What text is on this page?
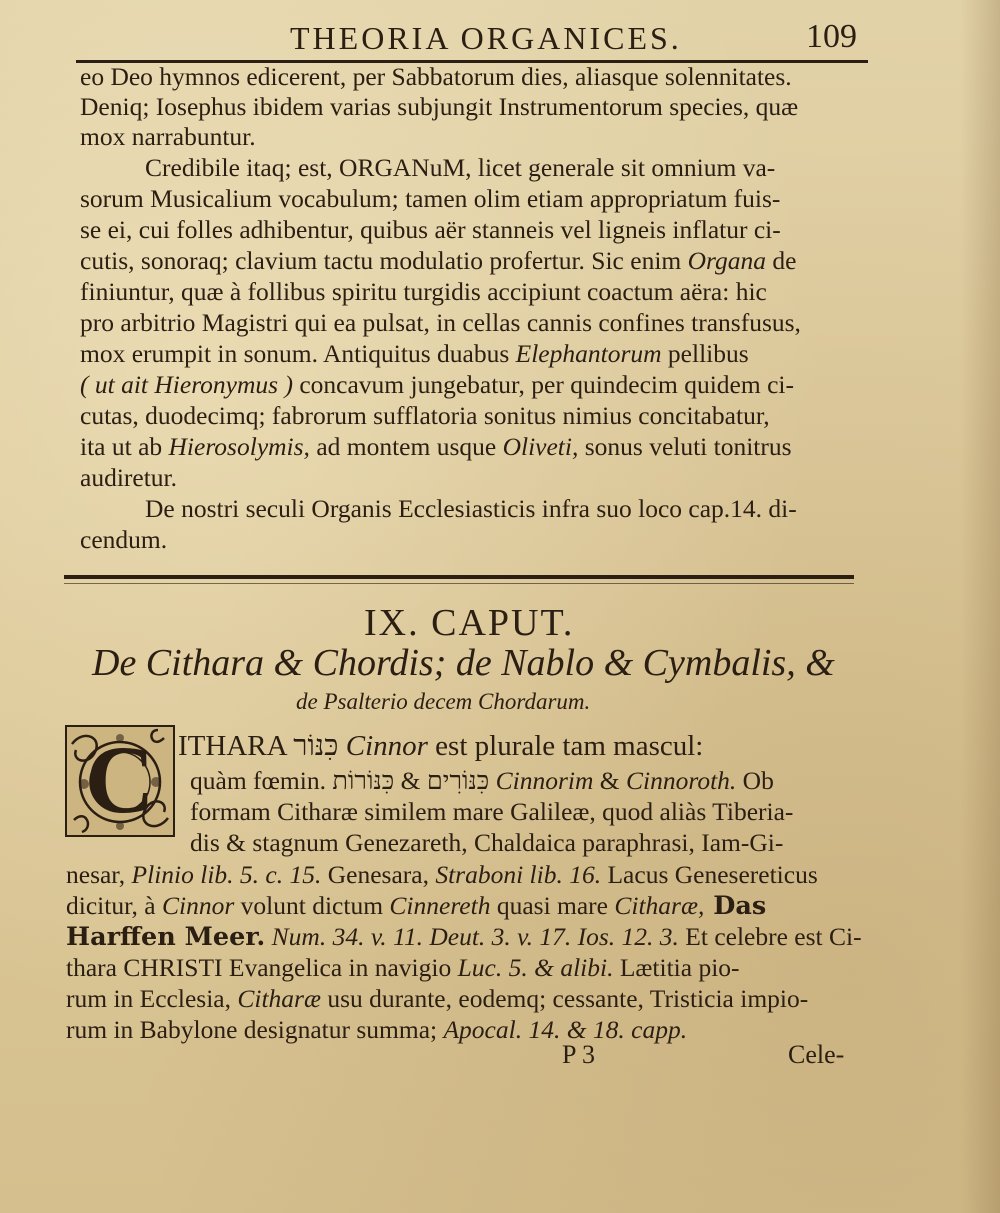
THEORIA ORGANICES.	109
eo Deo hymnos edicerent, per Sabbatorum dies, aliasque solennitates.
Deniq; Iosephus ibidem varias subjungit Instrumentorum species, quæ
mox narrabuntur.
Credibile itaq; est, ORGANuM, licet generale sit omnium va-
sorum Musicalium vocabulum; tamen olim etiam appropriatum fuis-
se ei, cui folles adhibentur, quibus aër stanneis vel ligneis inflatur ci-
cutis, sonoraq; clavium tactu modulatio profertur. Sic enim Organa de
finiuntur, quæ à follibus spiritu turgidis accipiunt coactum aëra: hic
pro arbitrio Magistri qui ea pulsat, in cellas cannis confines transfusus,
mox erumpit in sonum. Antiquitus duabus Elephantorum pellibus
( ut ait Hieronymus ) concavum jungebatur, per quindecim quidem ci-
cutas, duodecimq; fabrorum sufflatoria sonitus nimius concitabatur,
ita ut ab Hierosolymis, ad montem usque Oliveti, sonus veluti tonitrus
audiretur.
De nostri seculi Organis Ecclesiasticis infra suo loco cap.14. di-
cendum.
IX. CAPUT.
De Cithara & Chordis; de Nablo & Cymbalis, &
de Psalterio decem Chordarum.
C ITHARA כִּנּוֹר Cinnor est plurale tam mascul:
quàm fœmin.	כִּנּוֹרִים & כִּנּוֹרוֹת	Cinnorim & Cinnoroth. Ob
formam Citharæ similem mare Galileæ, quod aliàs Tiberia-
dis & stagnum Genezareth, Chaldaica paraphrasi, Iam-Gi-
nesar, Plinio lib. 5. c. 15. Genesara, Straboni lib. 16. Lacus Genesereticus
dicitur, à Cinnor volunt dictum Cinnereth quasi mare Citharæ, Das
Harffen Meer. Num. 34. v. 11. Deut. 3. v. 17. Ios. 12. 3. Et celebre est Ci-
thara CHRISTI Evangelica in navigio Luc. 5. & alibi. Lætitia pio-
rum in Ecclesia, Citharæ usu durante, eodemq; cessante, Tristicia impio-
rum in Babylone designatur summa; Apocal. 14. & 18. capp.
P 3	Cele-
